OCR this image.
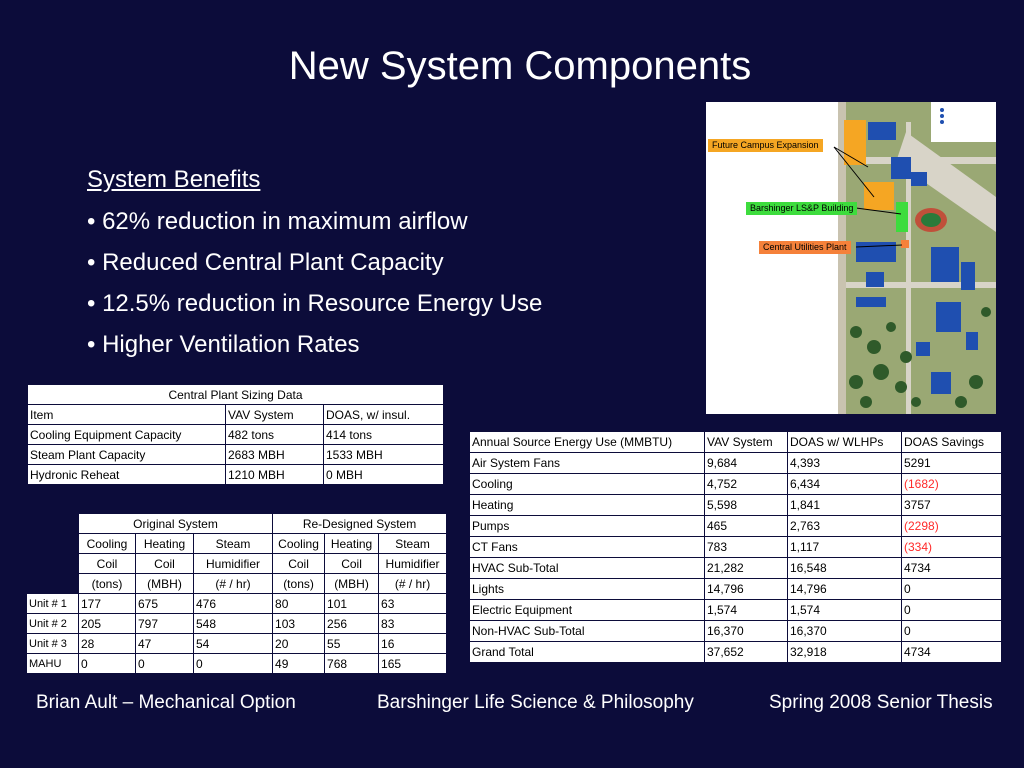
New System Components
System Benefits
• 62% reduction in maximum airflow
• Reduced Central Plant Capacity
• 12.5% reduction in Resource Energy Use
• Higher Ventilation Rates
Central Plant Sizing Data		
Item	VAV System	DOAS, w/ insul.
Cooling Equipment Capacity	482 tons	414 tons
Steam Plant Capacity	2683 MBH	1533 MBH
Hydronic Reheat	1210 MBH	0 MBH
	Original System			Re-Designed System		
	Cooling	Heating	Steam	Cooling	Heating	Steam
	Coil	Coil	Humidifier	Coil	Coil	Humidifier
	(tons)	(MBH)	(# / hr)	(tons)	(MBH)	(# / hr)
Unit # 1	177	675	476	80	101	63
Unit # 2	205	797	548	103	256	83
Unit # 3	28	47	54	20	55	16
MAHU	0	0	0	49	768	165
Annual Source Energy Use (MMBTU)	VAV System	DOAS w/ WLHPs	DOAS Savings
Air System Fans	9,684	4,393	5291
Cooling	4,752	6,434	(1682)
Heating	5,598	1,841	3757
Pumps	465	2,763	(2298)
CT Fans	783	1,117	(334)
HVAC Sub-Total	21,282	16,548	4734
Lights	14,796	14,796	0
Electric Equipment	1,574	1,574	0
Non-HVAC Sub-Total	16,370	16,370	0
Grand Total	37,652	32,918	4734
Future Campus Expansion
Barshinger LS&P Building
Central Utilities Plant
Brian Ault – Mechanical Option	Barshinger Life Science & Philosophy	Spring 2008 Senior Thesis
